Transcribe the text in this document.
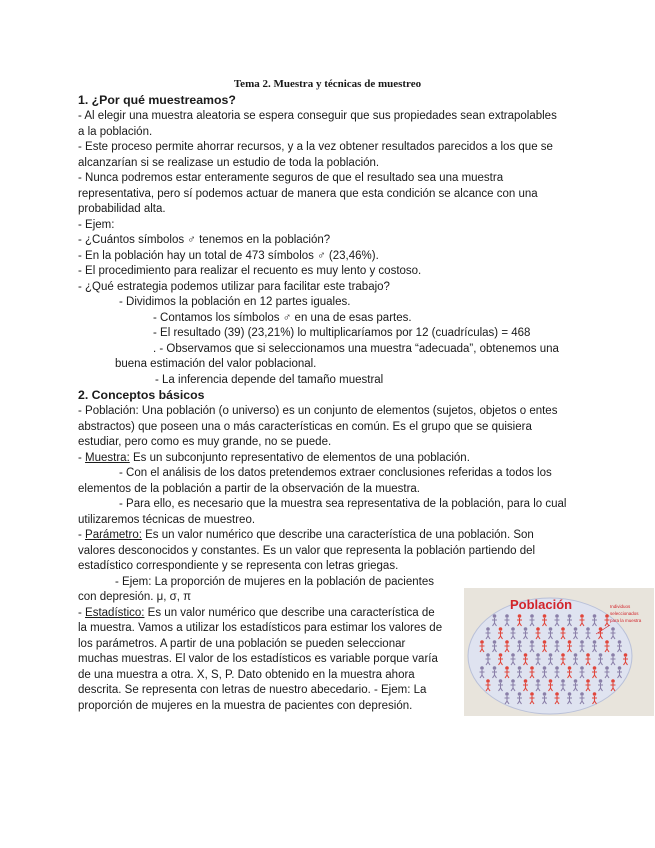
Tema 2. Muestra y técnicas de muestreo
1. ¿Por qué muestreamos?
- Al elegir una muestra aleatoria se espera conseguir que sus propiedades sean extrapolables
a la población.
- Este proceso permite ahorrar recursos, y a la vez obtener resultados parecidos a los que se
alcanzarían si se realizase un estudio de toda la población.
- Nunca podremos estar enteramente seguros de que el resultado sea una muestra
representativa, pero sí podemos actuar de manera que esta condición se alcance con una
probabilidad alta.
- Ejem:
- ¿Cuántos símbolos ♂ tenemos en la población?
- En la población hay un total de 473 símbolos ♂ (23,46%).
- El procedimiento para realizar el recuento es muy lento y costoso.
- ¿Qué estrategia podemos utilizar para facilitar este trabajo?
- Dividimos la población en 12 partes iguales.
- Contamos los símbolos ♂ en una de esas partes.
- El resultado (39) (23,21%) lo multiplicaríamos por 12 (cuadrículas) = 468
. - Observamos que si seleccionamos una muestra “adecuada”, obtenemos una
buena estimación del valor poblacional.
- La inferencia depende del tamaño muestral
2. Conceptos básicos
- Población: Una población (o universo) es un conjunto de elementos (sujetos, objetos o entes
abstractos) que poseen una o más características en común. Es el grupo que se quisiera
estudiar, pero como es muy grande, no se puede.
- Muestra: Es un subconjunto representativo de elementos de una población.
- Con el análisis de los datos pretendemos extraer conclusiones referidas a todos los
elementos de la población a partir de la observación de la muestra.
- Para ello, es necesario que la muestra sea representativa de la población, para lo cual
utilizaremos técnicas de muestreo.
- Parámetro: Es un valor numérico que describe una característica de una población. Son
valores desconocidos y constantes. Es un valor que representa la población partiendo del
estadístico correspondiente y se representa con letras griegas.
- Ejem: La proporción de mujeres en la población de pacientes
con depresión. μ, σ, π
- Estadístico: Es un valor numérico que describe una característica de
la muestra. Vamos a utilizar los estadísticos para estimar los valores de
los parámetros. A partir de una población se pueden seleccionar
muchas muestras. El valor de los estadísticos es variable porque varía
de una muestra a otra. X, S, P. Dato obtenido en la muestra ahora
descrita. Se representa con letras de nuestro abecedario. - Ejem: La
proporción de mujeres en la muestra de pacientes con depresión.
Población	Individuos
seleccionados
para la muestra
